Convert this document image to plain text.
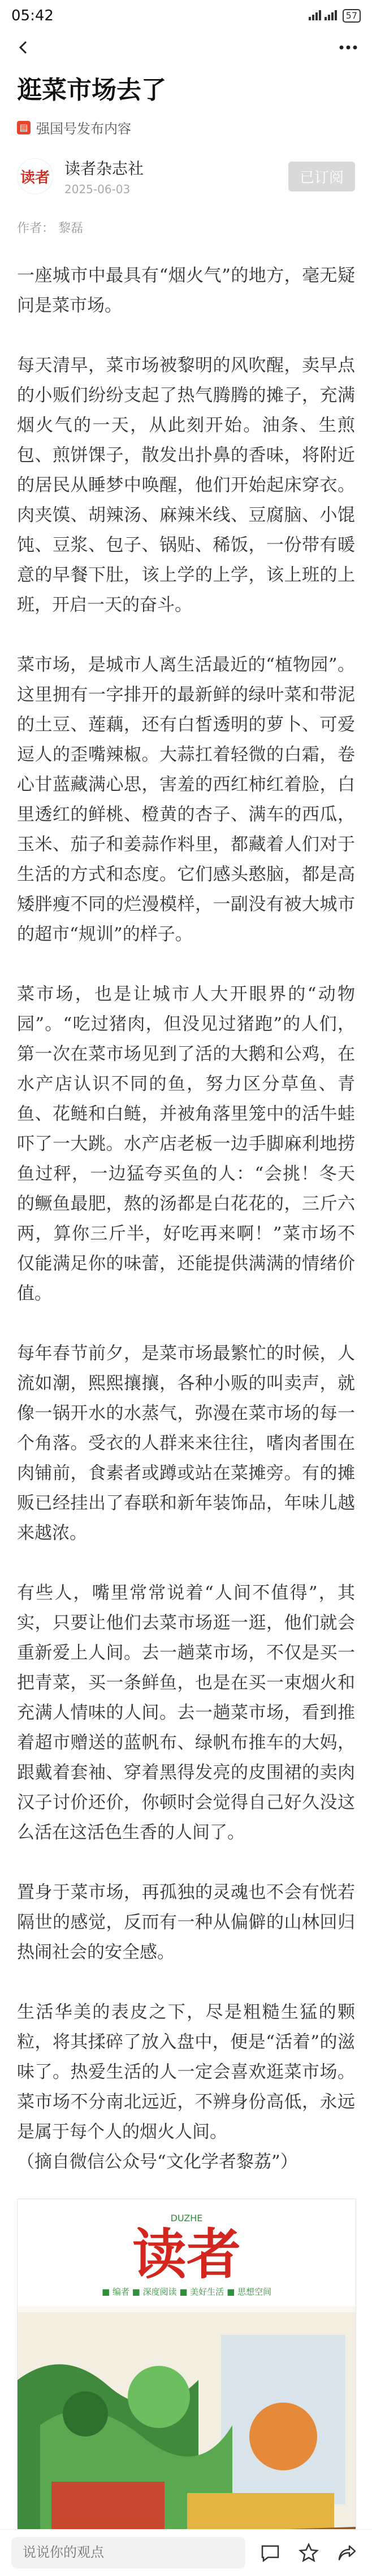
05:42	57
逛菜市场去了
▤ 强国号发布内容
读者 读者杂志社
2025-06-03
已订阅
作者： 黎磊

一座城市中最具有“烟火气”的地方，毫无疑问是菜市场。

每天清早，菜市场被黎明的风吹醒，卖早点的小贩们纷纷支起了热气腾腾的摊子，充满烟火气的一天，从此刻开始。油条、生煎包、煎饼馃子，散发出扑鼻的香味，将附近的居民从睡梦中唤醒，他们开始起床穿衣。肉夹馍、胡辣汤、麻辣米线、豆腐脑、小馄饨、豆浆、包子、锅贴、稀饭，一份带有暖意的早餐下肚，该上学的上学，该上班的上班，开启一天的奋斗。

菜市场，是城市人离生活最近的“植物园”。这里拥有一字排开的最新鲜的绿叶菜和带泥的土豆、莲藕，还有白皙透明的萝卜、可爱逗人的歪嘴辣椒。大蒜扛着轻微的白霜，卷心甘蓝藏满心思，害羞的西红柿红着脸，白里透红的鲜桃、橙黄的杏子、满车的西瓜，玉米、茄子和姜蒜作料里，都藏着人们对于生活的方式和态度。它们感头憨脑，都是高矮胖瘦不同的烂漫模样，一副没有被大城市的超市“规训”的样子。

菜市场，也是让城市人大开眼界的“动物园”。“吃过猪肉，但没见过猪跑”的人们，第一次在菜市场见到了活的大鹅和公鸡，在水产店认识不同的鱼，努力区分草鱼、青鱼、花鲢和白鲢，并被角落里笼中的活牛蛙吓了一大跳。水产店老板一边手脚麻利地捞鱼过秤，一边猛夸买鱼的人：“会挑！冬天的鳜鱼最肥，熬的汤都是白花花的，三斤六两，算你三斤半，好吃再来啊！”菜市场不仅能满足你的味蕾，还能提供满满的情绪价值。

每年春节前夕，是菜市场最繁忙的时候，人流如潮，熙熙攘攘，各种小贩的叫卖声，就像一锅开水的水蒸气，弥漫在菜市场的每一个角落。受衣的人群来来往往，嗜肉者围在肉铺前，食素者或蹲或站在菜摊旁。有的摊贩已经挂出了春联和新年装饰品，年味儿越来越浓。

有些人，嘴里常常说着“人间不值得”，其实，只要让他们去菜市场逛一逛，他们就会重新爱上人间。去一趟菜市场，不仅是买一把青菜，买一条鲜鱼，也是在买一束烟火和充满人情味的人间。去一趟菜市场，看到推着超市赠送的蓝帆布、绿帆布推车的大妈，跟戴着套袖、穿着黑得发亮的皮围裙的卖肉汉子讨价还价，你顿时会觉得自己好久没这么活在这活色生香的人间了。

置身于菜市场，再孤独的灵魂也不会有恍若隔世的感觉，反而有一种从偏僻的山林回归热闹社会的安全感。

生活华美的表皮之下，尽是粗糙生猛的颗粒，将其揉碎了放入盘中，便是“活着”的滋味了。热爱生活的人一定会喜欢逛菜市场。菜市场不分南北远近，不辨身份高低，永远是属于每个人的烟火人间。

（摘自微信公众号“文化学者黎荔”）

DUZHE
读者
■ 编者 ■ 深度阅读 ■ 美好生活 ■ 思想空间
说说你的观点
